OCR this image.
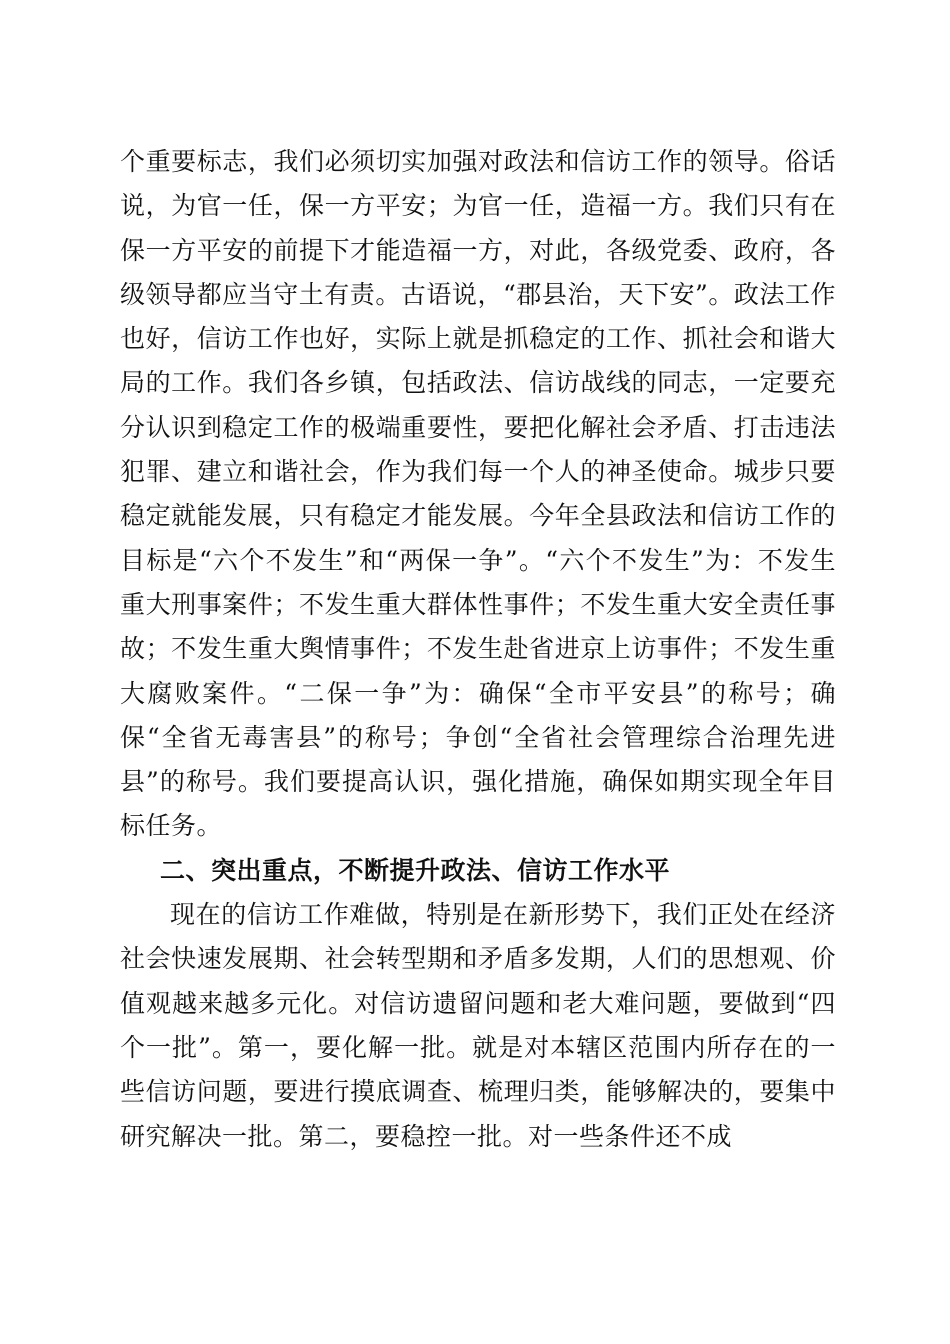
个重要标志，我们必须切实加强对政法和信访工作的领导。俗话说，为官一任，保一方平安；为官一任，造福一方。我们只有在保一方平安的前提下才能造福一方，对此，各级党委、政府，各级领导都应当守土有责。古语说，“郡县治，天下安”。政法工作也好，信访工作也好，实际上就是抓稳定的工作、抓社会和谐大局的工作。我们各乡镇，包括政法、信访战线的同志，一定要充分认识到稳定工作的极端重要性，要把化解社会矛盾、打击违法犯罪、建立和谐社会，作为我们每一个人的神圣使命。城步只要稳定就能发展，只有稳定才能发展。今年全县政法和信访工作的目标是“六个不发生”和“两保一争”。“六个不发生”为：不发生重大刑事案件；不发生重大群体性事件；不发生重大安全责任事故；不发生重大舆情事件；不发生赴省进京上访事件；不发生重大腐败案件。“二保一争”为：确保“全市平安县”的称号；确保“全省无毒害县”的称号；争创“全省社会管理综合治理先进县”的称号。我们要提高认识，强化措施，确保如期实现全年目标任务。

二、突出重点，不断提升政法、信访工作水平

现在的信访工作难做，特别是在新形势下，我们正处在经济社会快速发展期、社会转型期和矛盾多发期，人们的思想观、价值观越来越多元化。对信访遗留问题和老大难问题，要做到“四个一批”。第一，要化解一批。就是对本辖区范围内所存在的一些信访问题，要进行摸底调查、梳理归类，能够解决的，要集中研究解决一批。第二，要稳控一批。对一些条件还不成
